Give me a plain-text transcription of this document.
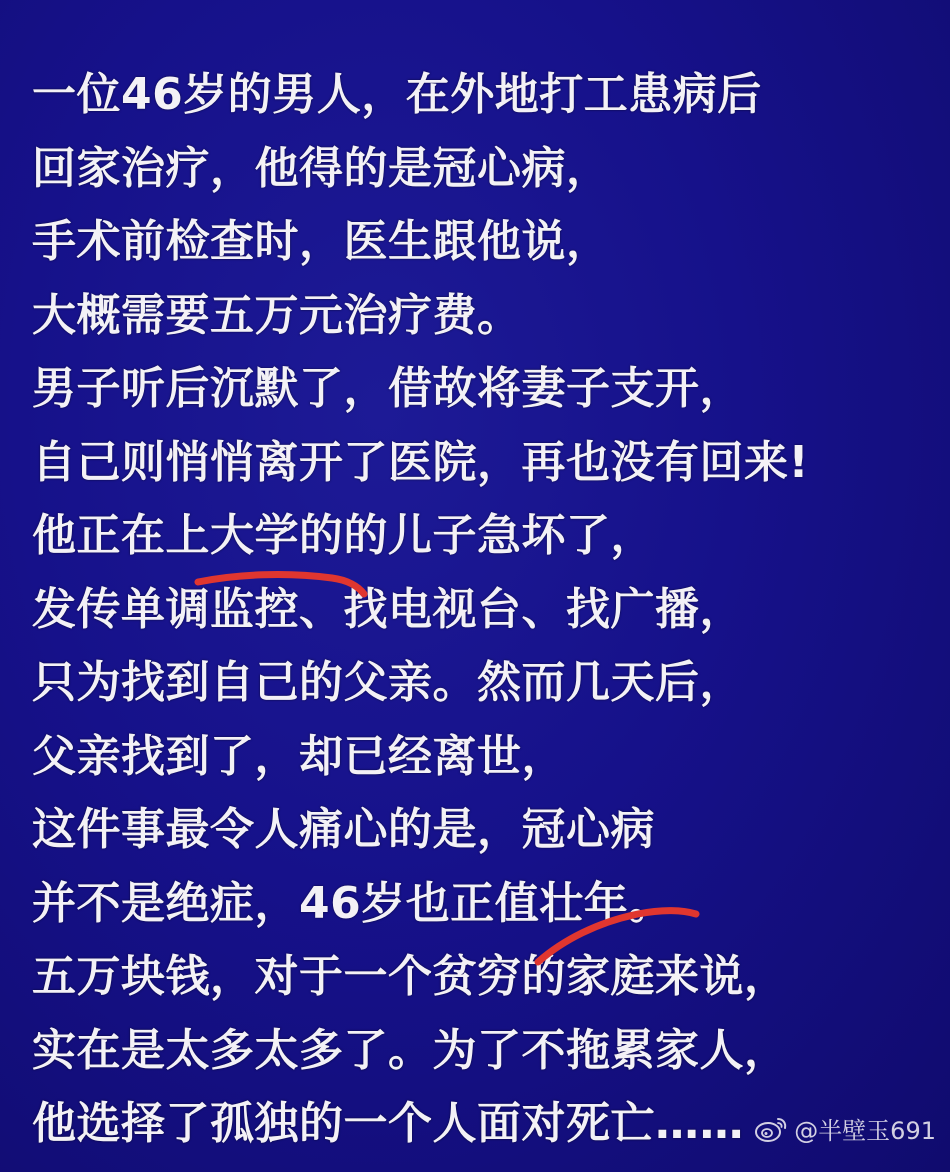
一位46岁的男人，在外地打工患病后
回家治疗，他得的是冠心病，
手术前检查时，医生跟他说，
大概需要五万元治疗费。
男子听后沉默了，借故将妻子支开，
自己则悄悄离开了医院，再也没有回来!
他正在上大学的的儿子急坏了，
发传单调监控、找电视台、找广播，
只为找到自己的父亲。然而几天后，
父亲找到了，却已经离世，
这件事最令人痛心的是，冠心病
并不是绝症，46岁也正值壮年。
五万块钱，对于一个贫穷的家庭来说，
实在是太多太多了。为了不拖累家人，
他选择了孤独的一个人面对死亡……	@半壁玉691
